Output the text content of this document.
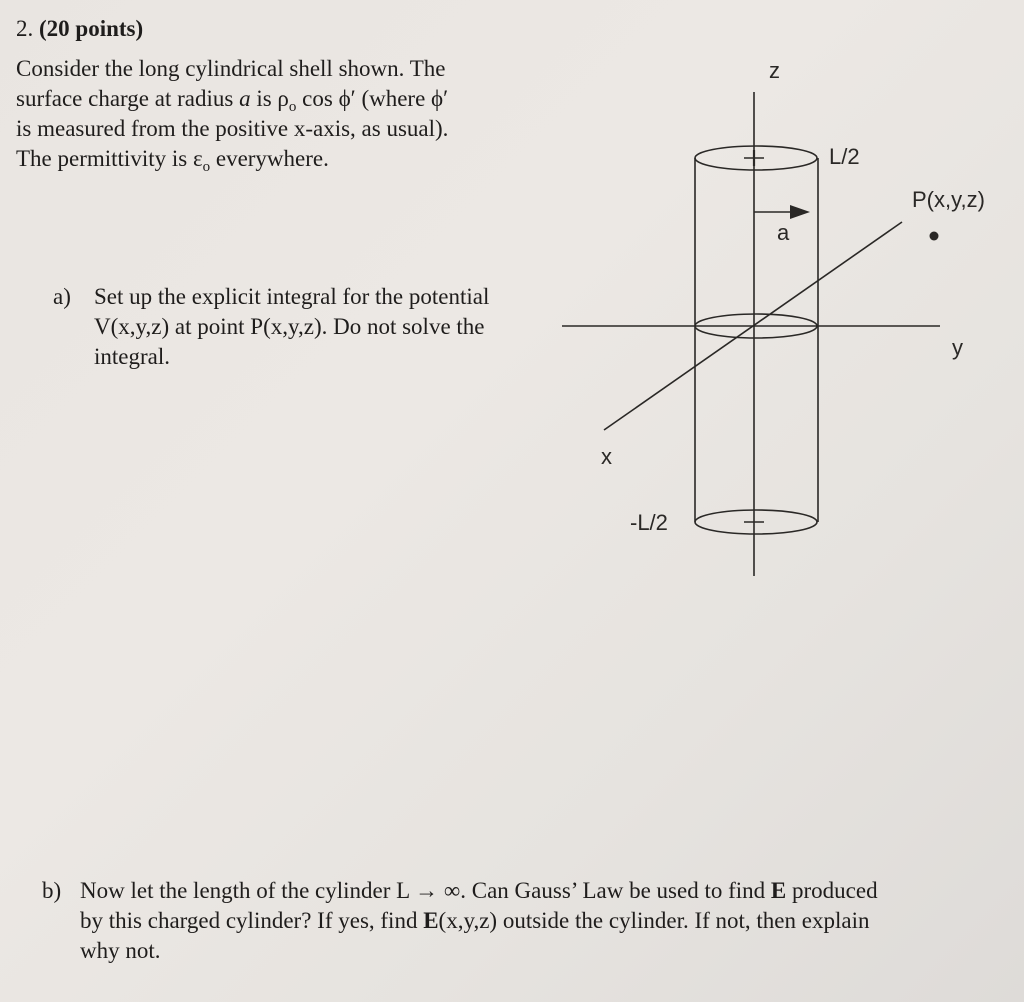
2. (20 points)
Consider the long cylindrical shell shown. The
surface charge at radius a is $\rho_o$ cos ϕ′ (where ϕ′
is measured from the positive x-axis, as usual).
The permittivity is $\varepsilon_o$ everywhere.
a) Set up the explicit integral for the potential
V(x,y,z) at point P(x,y,z). Do not solve the
integral.
b) Now let the length of the cylinder L → ∞. Can Gauss’ Law be used to find E produced
by this charged cylinder? If yes, find E(x,y,z) outside the cylinder. If not, then explain
why not.
z
y
x
L/2
-L/2
a
P(x,y,z)
